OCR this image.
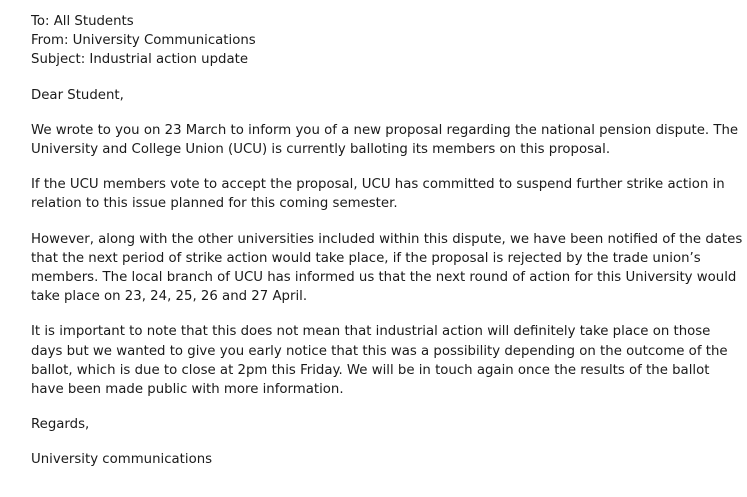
To: All Students

From: University Communications

Subject: Industrial action update

Dear Student,

We wrote to you on 23 March to inform you of a new proposal regarding the national pension dispute. The University and College Union (UCU) is currently balloting its members on this proposal.

If the UCU members vote to accept the proposal, UCU has committed to suspend further strike action in relation to this issue planned for this coming semester.

However, along with the other universities included within this dispute, we have been notified of the dates that the next period of strike action would take place, if the proposal is rejected by the trade union’s members. The local branch of UCU has informed us that the next round of action for this University would take place on 23, 24, 25, 26 and 27 April.

It is important to note that this does not mean that industrial action will definitely take place on those days but we wanted to give you early notice that this was a possibility depending on the outcome of the ballot, which is due to close at 2pm this Friday. We will be in touch again once the results of the ballot have been made public with more information.

Regards,

University communications
